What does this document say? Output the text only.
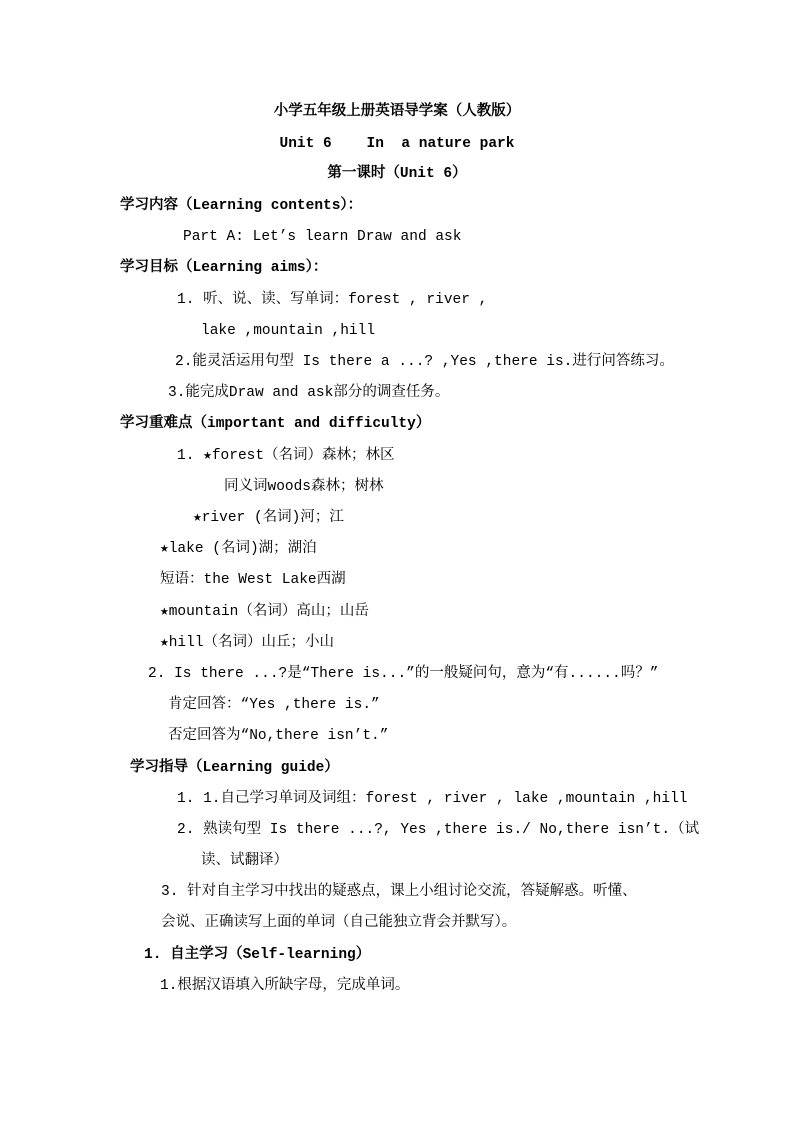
小学五年级上册英语导学案（人教版）
Unit 6    In  a nature park
第一课时（Unit 6）
学习内容（Learning contents）：
Part A: Let’s learn Draw and ask
学习目标（Learning aims）：
1. 听、说、读、写单词：forest , river ,
lake ,mountain ,hill
2.能灵活运用句型 Is there a ...? ,Yes ,there is.进行问答练习。
3.能完成Draw and ask部分的调查任务。
学习重难点（important and difficulty）
1. ★forest（名词）森林；林区
同义词woods森林；树林
★river (名词)河；江
★lake (名词)湖；湖泊
短语：the West Lake西湖
★mountain（名词）高山；山岳
★hill（名词）山丘；小山
2. Is there ...?是“There is...”的一般疑问句，意为“有......吗？”
肯定回答：“Yes ,there is.”
否定回答为“No,there isn’t.”
学习指导（Learning guide）
1. 1.自己学习单词及词组：forest , river , lake ,mountain ,hill
2. 熟读句型 Is there ...?, Yes ,there is./ No,there isn’t.（试
读、试翻译）
3. 针对自主学习中找出的疑惑点，课上小组讨论交流，答疑解惑。听懂、
会说、正确读写上面的单词（自己能独立背会并默写）。
1. 自主学习（Self-learning）
1.根据汉语填入所缺字母，完成单词。
